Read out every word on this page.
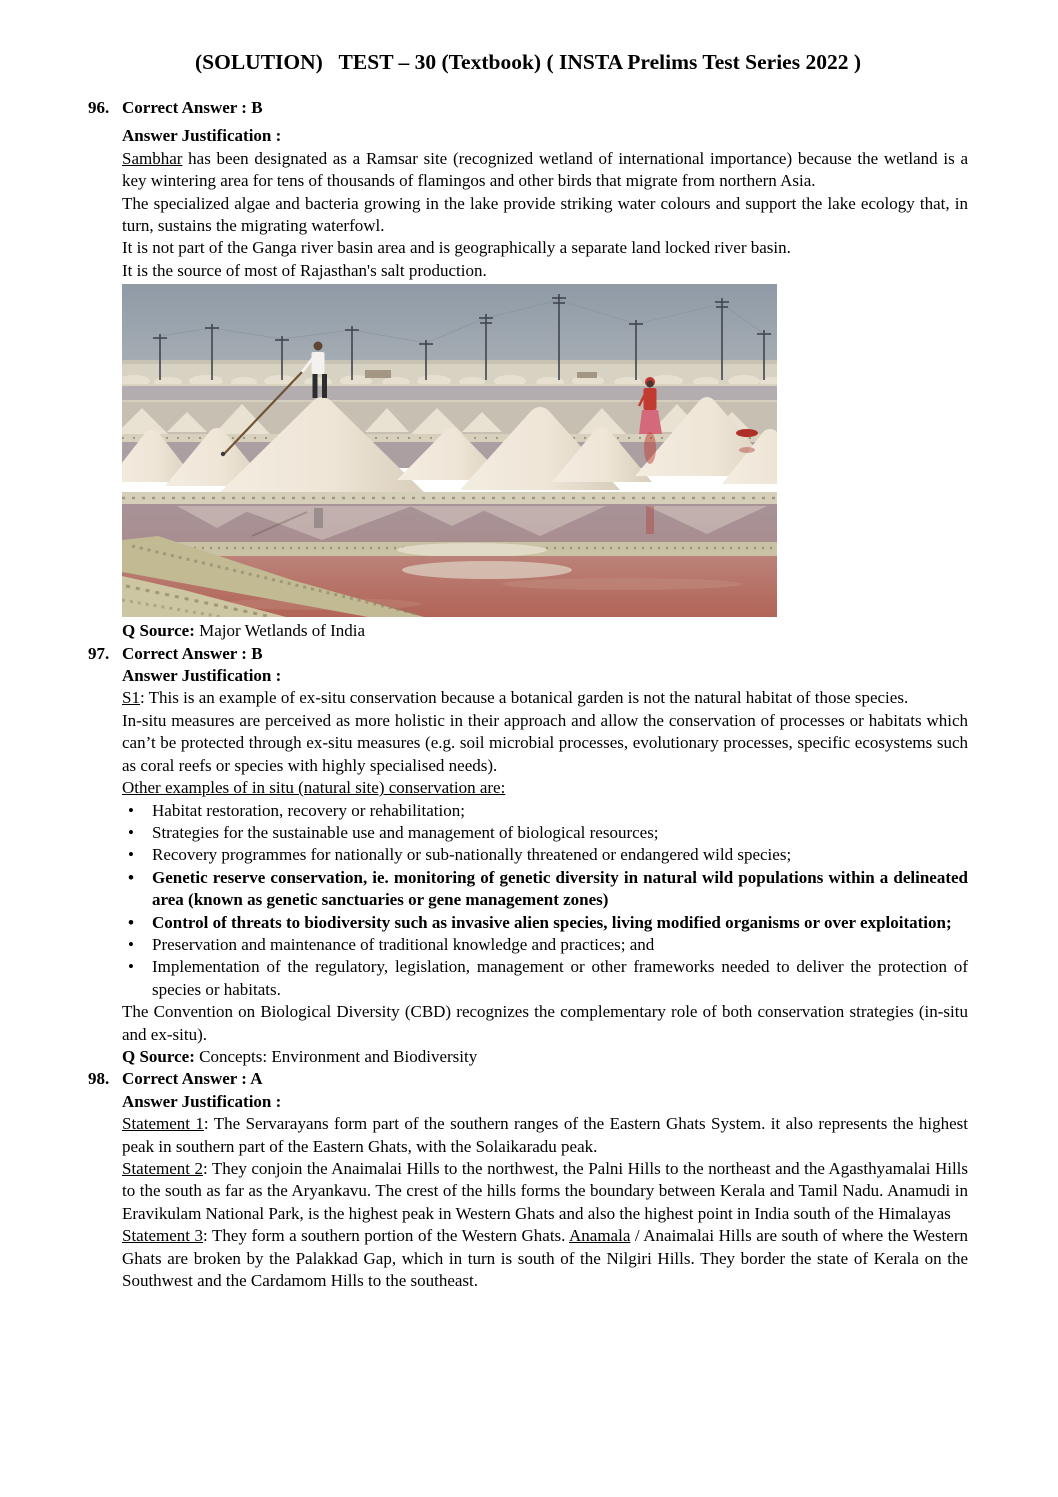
(SOLUTION)   TEST – 30 (Textbook) ( INSTA Prelims Test Series 2022 )
96. Correct Answer : B

Answer Justification :

Sambhar has been designated as a Ramsar site (recognized wetland of international importance) because the wetland is a key wintering area for tens of thousands of flamingos and other birds that migrate from northern Asia.

The specialized algae and bacteria growing in the lake provide striking water colours and support the lake ecology that, in turn, sustains the migrating waterfowl.

It is not part of the Ganga river basin area and is geographically a separate land locked river basin.

It is the source of most of Rajasthan's salt production.

Q Source: Major Wetlands of India

97. Correct Answer : B

Answer Justification :

S1: This is an example of ex-situ conservation because a botanical garden is not the natural habitat of those species.

In-situ measures are perceived as more holistic in their approach and allow the conservation of processes or habitats which can’t be protected through ex-situ measures (e.g. soil microbial processes, evolutionary processes, specific ecosystems such as coral reefs or species with highly specialised needs).

Other examples of in situ (natural site) conservation are:

• Habitat restoration, recovery or rehabilitation;
• Strategies for the sustainable use and management of biological resources;
• Recovery programmes for nationally or sub-nationally threatened or endangered wild species;
• Genetic reserve conservation, ie. monitoring of genetic diversity in natural wild populations within a delineated area (known as genetic sanctuaries or gene management zones)
• Control of threats to biodiversity such as invasive alien species, living modified organisms or over exploitation;
• Preservation and maintenance of traditional knowledge and practices; and
• Implementation of the regulatory, legislation, management or other frameworks needed to deliver the protection of species or habitats.

The Convention on Biological Diversity (CBD) recognizes the complementary role of both conservation strategies (in-situ and ex-situ).

Q Source: Concepts: Environment and Biodiversity

98. Correct Answer : A

Answer Justification :

Statement 1: The Servarayans form part of the southern ranges of the Eastern Ghats System. it also represents the highest peak in southern part of the Eastern Ghats, with the Solaikaradu peak.

Statement 2: They conjoin the Anaimalai Hills to the northwest, the Palni Hills to the northeast and the Agasthyamalai Hills to the south as far as the Aryankavu. The crest of the hills forms the boundary between Kerala and Tamil Nadu. Anamudi in Eravikulam National Park, is the highest peak in Western Ghats and also the highest point in India south of the Himalayas

Statement 3: They form a southern portion of the Western Ghats. Anamala / Anaimalai Hills are south of where the Western Ghats are broken by the Palakkad Gap, which in turn is south of the Nilgiri Hills. They border the state of Kerala on the Southwest and the Cardamom Hills to the southeast.
